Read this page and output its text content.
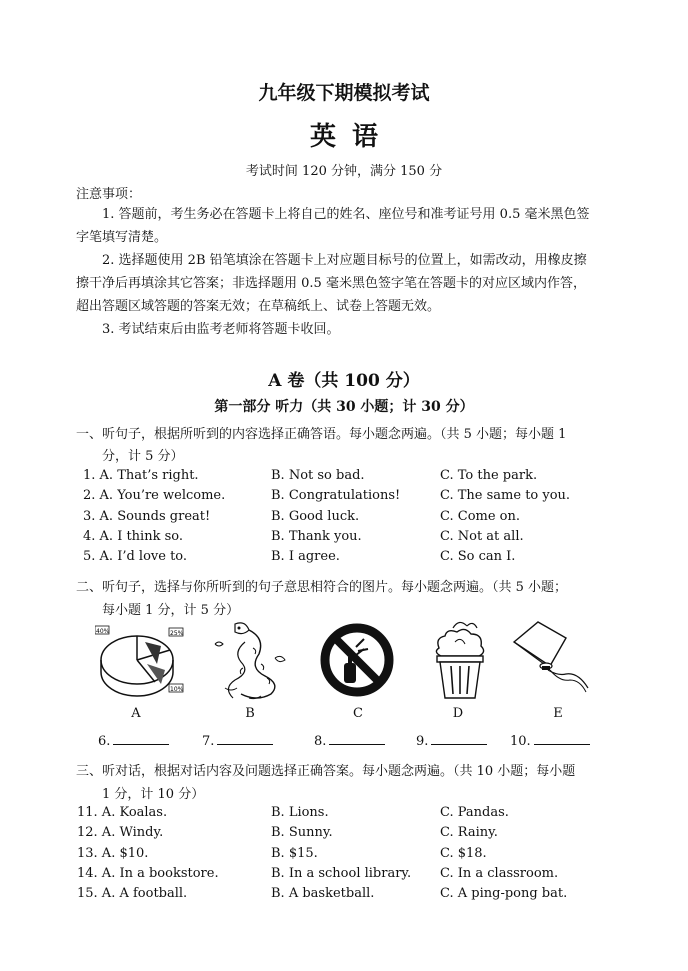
九年级下期模拟考试
英语
考试时间 120 分钟，满分 150 分
注意事项：
1. 答题前，考生务必在答题卡上将自己的姓名、座位号和准考证号用 0.5 毫米黑色签
字笔填写清楚。
2. 选择题使用 2B 铅笔填涂在答题卡上对应题目标号的位置上，如需改动，用橡皮擦
擦干净后再填涂其它答案；非选择题用 0.5 毫米黑色签字笔在答题卡的对应区域内作答，
超出答题区域答题的答案无效；在草稿纸上、试卷上答题无效。
3. 考试结束后由监考老师将答题卡收回。
A 卷（共 100 分）
第一部分 听力（共 30 小题；计 30 分）
一、听句子，根据所听到的内容选择正确答语。每小题念两遍。（共 5 小题；每小题 1
分，计 5 分）
1. A. That’s right.	B. Not so bad.	C. To the park.
2. A. You’re welcome.	B. Congratulations!	C. The same to you.
3. A. Sounds great!	B. Good luck.	C. Come on.
4. A. I think so.	B. Thank you.	C. Not at all.
5. A. I’d love to.	B. I agree.	C. So can I.
二、听句子，选择与你所听到的句子意思相符合的图片。每小题念两遍。（共 5 小题；
每小题 1 分，计 5 分）
40%	25%
10%
A	B	C	D	E
6.	7.	8.	9.	10.
三、听对话，根据对话内容及问题选择正确答案。每小题念两遍。（共 10 小题；每小题
1 分，计 10 分）
11. A. Koalas.	B. Lions.	C. Pandas.
12. A. Windy.	B. Sunny.	C. Rainy.
13. A. $10.	B. $15.	C. $18.
14. A. In a bookstore.	B. In a school library. C. In a classroom.
15. A. A football.	B. A basketball.	C. A ping-pong bat.
